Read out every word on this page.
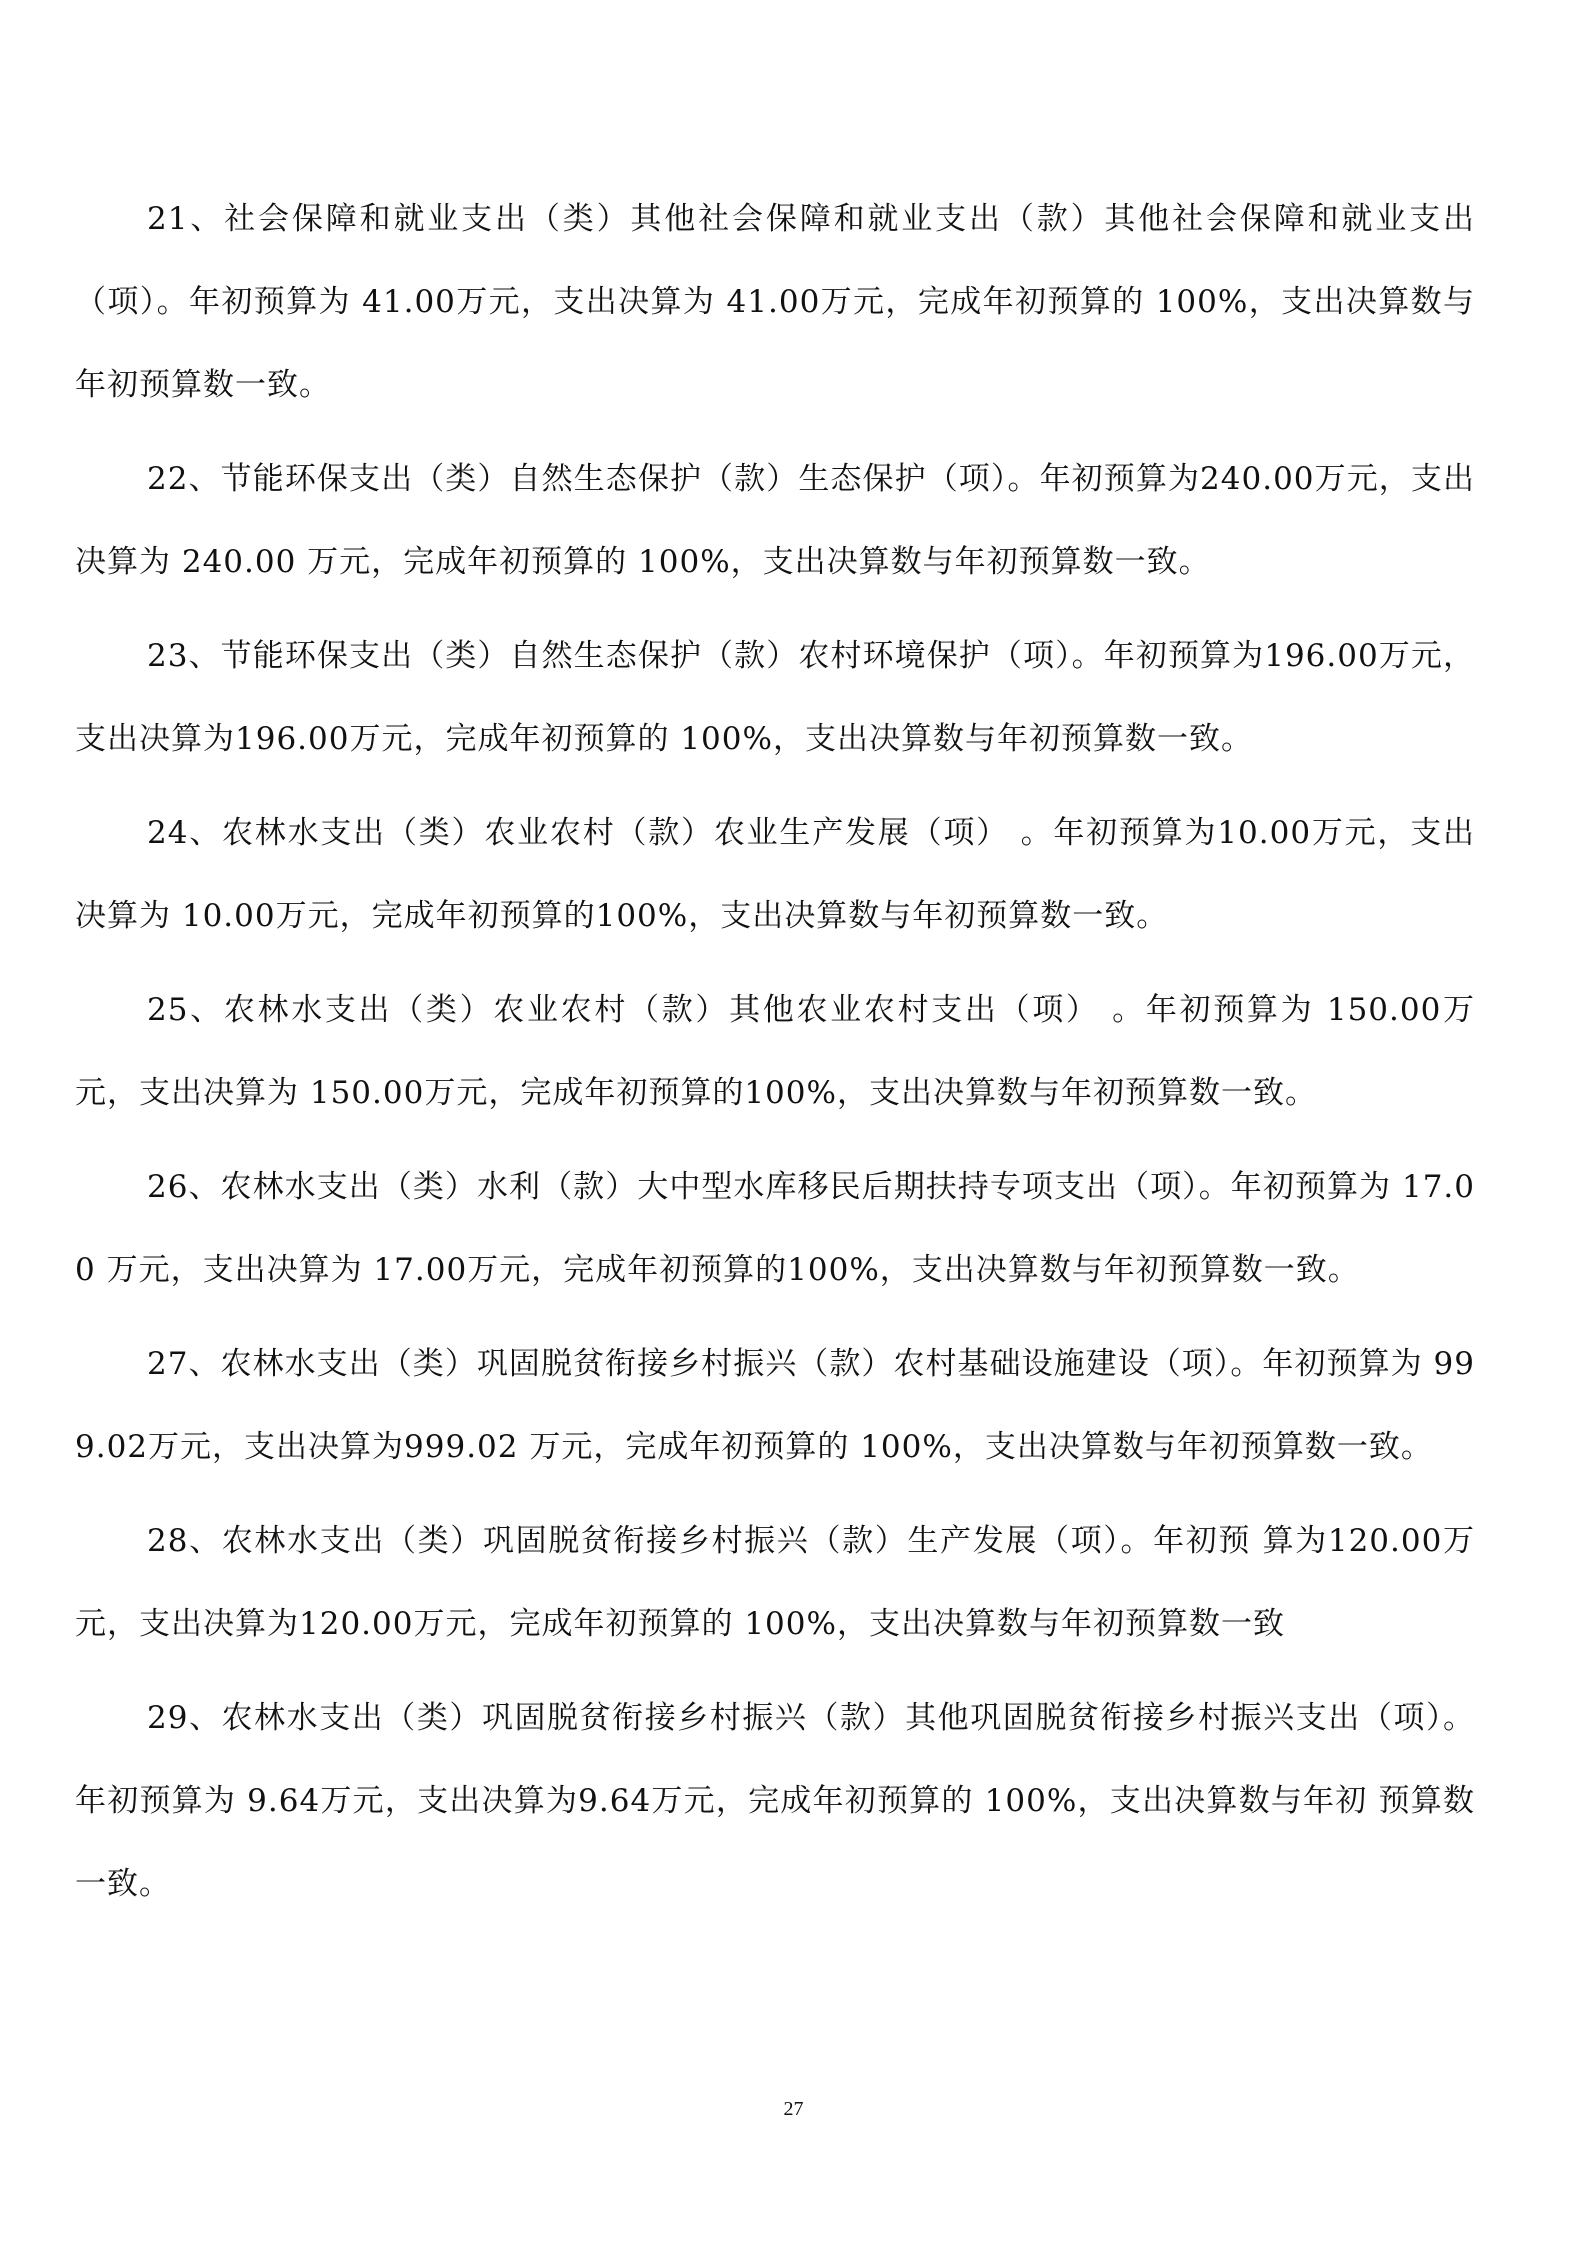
21、社会保障和就业支出（类）其他社会保障和就业支出（款）其他社会保障和就业支出（项）。年初预算为 41.00万元，支出决算为 41.00万元，完成年初预算的 100%，支出决算数与年初预算数一致。

22、节能环保支出（类）自然生态保护（款）生态保护（项）。年初预算为240.00万元，支出决算为 240.00 万元，完成年初预算的 100%，支出决算数与年初预算数一致。

23、节能环保支出（类）自然生态保护（款）农村环境保护（项）。年初预算为196.00万元， 支出决算为196.00万元，完成年初预算的 100%，支出决算数与年初预算数一致。

24、农林水支出（类）农业农村（款）农业生产发展（项） 。年初预算为10.00万元，支出决算为 10.00万元，完成年初预算的100%，支出决算数与年初预算数一致。

25、农林水支出（类）农业农村（款）其他农业农村支出（项） 。年初预算为 150.00万元，支出决算为 150.00万元，完成年初预算的100%，支出决算数与年初预算数一致。

26、农林水支出（类）水利（款）大中型水库移民后期扶持专项支出（项）。年初预算为 17.00 万元，支出决算为 17.00万元，完成年初预算的100%，支出决算数与年初预算数一致。

27、农林水支出（类）巩固脱贫衔接乡村振兴（款）农村基础设施建设（项）。年初预算为 999.02万元，支出决算为999.02 万元，完成年初预算的 100%，支出决算数与年初预算数一致。

28、农林水支出（类）巩固脱贫衔接乡村振兴（款）生产发展（项）。年初预 算为120.00万元，支出决算为120.00万元，完成年初预算的 100%，支出决算数与年初预算数一致

29、农林水支出（类）巩固脱贫衔接乡村振兴（款）其他巩固脱贫衔接乡村振兴支出（项）。年初预算为 9.64万元，支出决算为9.64万元，完成年初预算的 100%，支出决算数与年初 预算数一致。

27
